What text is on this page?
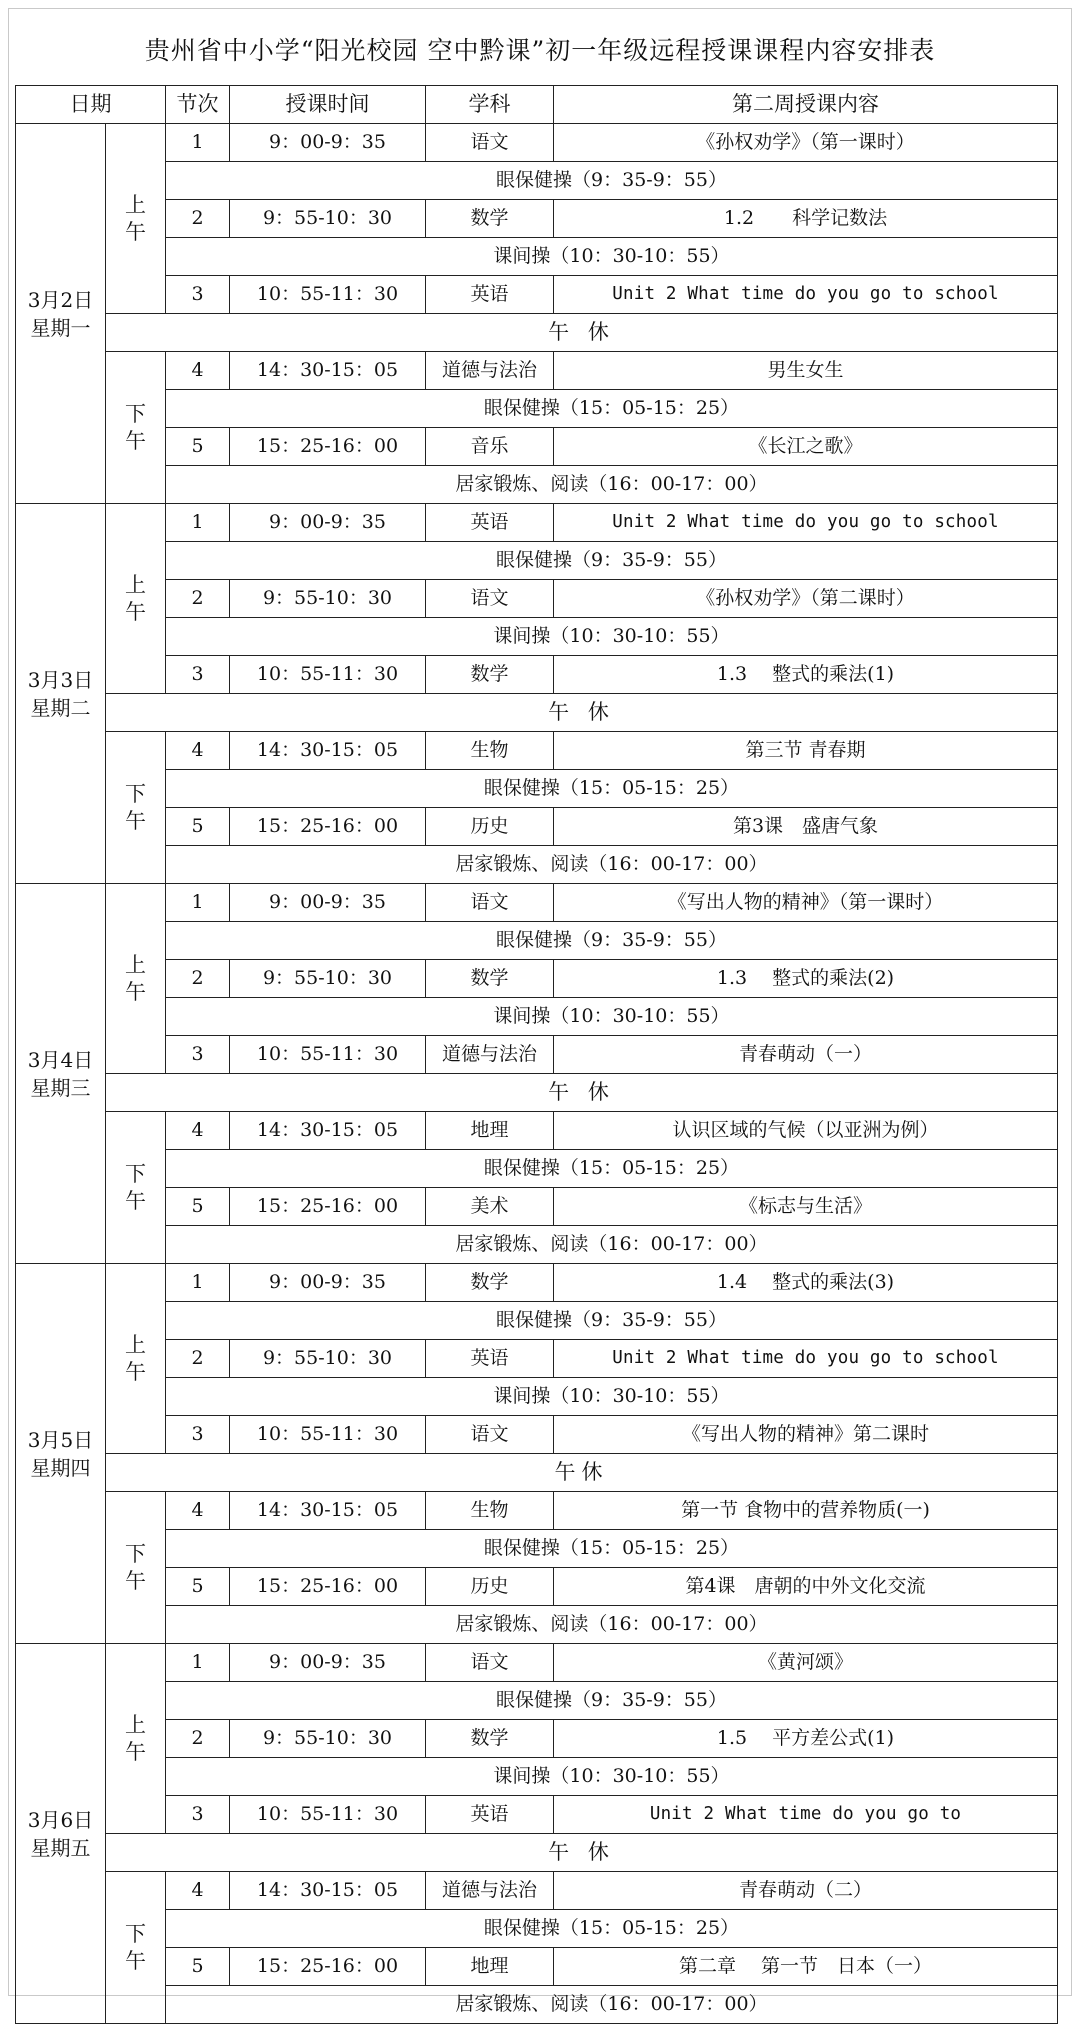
贵州省中小学“阳光校园 空中黔课”初一年级远程授课课程内容安排表
日期		节次	授课时间	学科	第二周授课内容

3月2日
星期一	上午	1	9：00-9：35	语文	《孙权劝学》（第一课时）
		眼保健操（9：35-9：55）			
		2	9：55-10：30	数学	1.2　　科学记数法
		课间操（10：30-10：55）			
		3	10：55-11：30	英语	Unit 2 What time do you go to school
	午 休				
	下午	4	14：30-15：05	道德与法治	男生女生
		眼保健操（15：05-15：25）			
		5	15：25-16：00	音乐	《长江之歌》
		居家锻炼、阅读（16：00-17：00）			

3月3日
星期二	上午	1	9：00-9：35	英语	Unit 2 What time do you go to school
		眼保健操（9：35-9：55）			
		2	9：55-10：30	语文	《孙权劝学》（第二课时）
		课间操（10：30-10：55）			
		3	10：55-11：30	数学	1.3　 整式的乘法(1)
	午 休				
	下午	4	14：30-15：05	生物	第三节 青春期
		眼保健操（15：05-15：25）			
		5	15：25-16：00	历史	第3课　盛唐气象
		居家锻炼、阅读（16：00-17：00）			

3月4日
星期三	上午	1	9：00-9：35	语文	《写出人物的精神》（第一课时）
		眼保健操（9：35-9：55）			
		2	9：55-10：30	数学	1.3　 整式的乘法(2)
		课间操（10：30-10：55）			
		3	10：55-11：30	道德与法治	青春萌动（一）
	午 休				
	下午	4	14：30-15：05	地理	认识区域的气候（以亚洲为例）
		眼保健操（15：05-15：25）			
		5	15：25-16：00	美术	《标志与生活》
		居家锻炼、阅读（16：00-17：00）			

3月5日
星期四	上午	1	9：00-9：35	数学	1.4　 整式的乘法(3)
		眼保健操（9：35-9：55）			
		2	9：55-10：30	英语	Unit 2 What time do you go to school
		课间操（10：30-10：55）			
		3	10：55-11：30	语文	《写出人物的精神》第二课时
	午休				
	下午	4	14：30-15：05	生物	第一节 食物中的营养物质(一)
		眼保健操（15：05-15：25）			
		5	15：25-16：00	历史	第4课　唐朝的中外文化交流
		居家锻炼、阅读（16：00-17：00）			

3月6日
星期五	上午	1	9：00-9：35	语文	《黄河颂》
		眼保健操（9：35-9：55）			
		2	9：55-10：30	数学	1.5　 平方差公式(1)
		课间操（10：30-10：55）			
		3	10：55-11：30	英语	Unit 2 What time do you go to
	午 休				
	下午	4	14：30-15：05	道德与法治	青春萌动（二）
		眼保健操（15：05-15：25）			
		5	15：25-16：00	地理	第二章　 第一节　日本（一）
		居家锻炼、阅读（16：00-17：00）			
